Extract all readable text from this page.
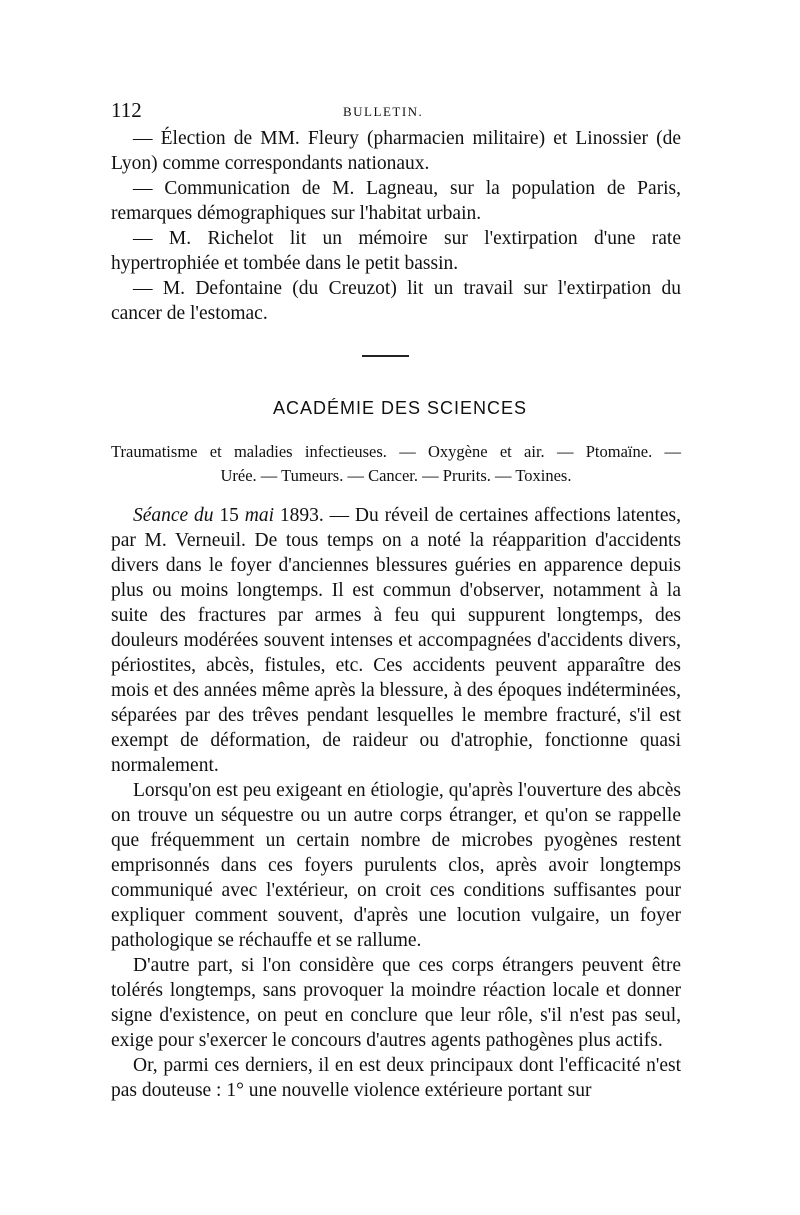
112	BULLETIN.

— Élection de MM. Fleury (pharmacien militaire) et Linossier (de Lyon) comme correspondants nationaux.

— Communication de M. Lagneau, sur la population de Paris, remarques démographiques sur l'habitat urbain.

— M. Richelot lit un mémoire sur l'extirpation d'une rate hypertrophiée et tombée dans le petit bassin.

— M. Defontaine (du Creuzot) lit un travail sur l'extirpation du cancer de l'estomac.

ACADÉMIE DES SCIENCES
Traumatisme et maladies infectieuses. — Oxygène et air. — Ptomaïne. —
Urée. — Tumeurs. — Cancer. — Prurits. — Toxines.

Séance du 15 mai 1893. — Du réveil de certaines affections latentes, par M. Verneuil. De tous temps on a noté la réapparition d'accidents divers dans le foyer d'anciennes blessures guéries en apparence depuis plus ou moins longtemps. Il est commun d'observer, notamment à la suite des fractures par armes à feu qui suppurent longtemps, des douleurs modérées souvent intenses et accompagnées d'accidents divers, périostites, abcès, fistules, etc. Ces accidents peuvent apparaître des mois et des années même après la blessure, à des époques indéterminées, séparées par des trêves pendant lesquelles le membre fracturé, s'il est exempt de déformation, de raideur ou d'atrophie, fonctionne quasi normalement.

Lorsqu'on est peu exigeant en étiologie, qu'après l'ouverture des abcès on trouve un séquestre ou un autre corps étranger, et qu'on se rappelle que fréquemment un certain nombre de microbes pyogènes restent emprisonnés dans ces foyers purulents clos, après avoir longtemps communiqué avec l'extérieur, on croit ces conditions suffisantes pour expliquer comment souvent, d'après une locution vulgaire, un foyer pathologique se réchauffe et se rallume.

D'autre part, si l'on considère que ces corps étrangers peuvent être tolérés longtemps, sans provoquer la moindre réaction locale et donner signe d'existence, on peut en conclure que leur rôle, s'il n'est pas seul, exige pour s'exercer le concours d'autres agents pathogènes plus actifs.

Or, parmi ces derniers, il en est deux principaux dont l'efficacité n'est pas douteuse : 1° une nouvelle violence extérieure portant sur
